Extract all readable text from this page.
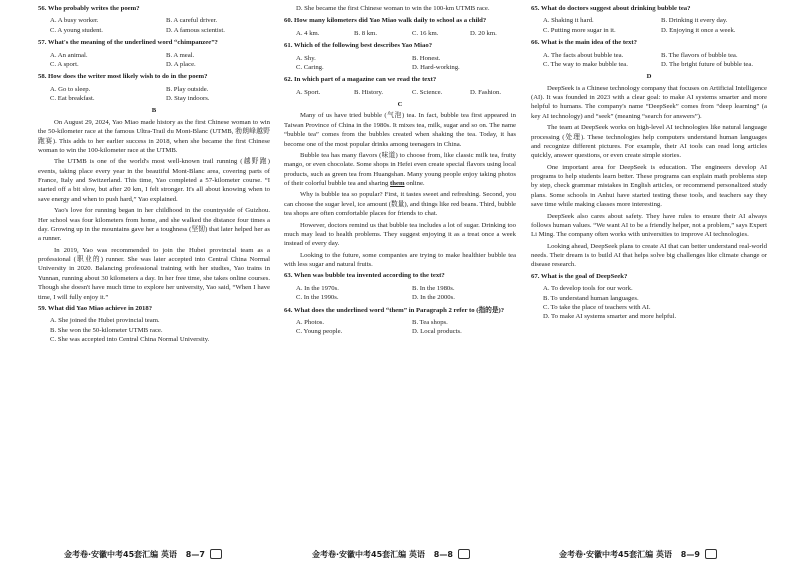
56. Who probably writes the poem?
A. A busy worker.	B. A careful driver.
C. A young student.	D. A famous scientist.
57. What's the meaning of the underlined word “chimpanzee”?
A. An animal.	B. A meal.
C. A sport.	D. A place.
58. How does the writer most likely wish to do in the poem?
A. Go to sleep.	B. Play outside.
C. Eat breakfast.	D. Stay indoors.
B
On August 29, 2024, Yao Miao made history as the first Chinese woman to win the 50-kilometer race at the famous Ultra-Trail du Mont-Blanc (UTMB, 勃朗峰越野跑赛). This adds to her earlier success in 2018, when she became the first Chinese woman to win the 100-kilometer race at the UTMB.
The UTMB is one of the world's most well-known trail running (越野跑) events, taking place every year in the beautiful Mont-Blanc area, covering parts of France, Italy and Switzerland. This time, Yao completed a 57-kilometer course. “I started off a bit slow, but after 20 km, I felt stronger. It's all about knowing when to save energy and when to push hard,” Yao explained.
Yao's love for running began in her childhood in the countryside of Guizhou. Her school was four kilometers from home, and she walked the distance four times a day. Growing up in the mountains gave her a toughness (坚韧) that later helped her as a runner.
In 2019, Yao was recommended to join the Hubei provincial team as a professional (职业的) runner. She was later accepted into Central China Normal University in 2020. Balancing professional training with her studies, Yao trains in Yunnan, running about 30 kilometers a day. In her free time, she takes online courses. Though she doesn't have much time to explore her university, Yao said, “When I have time, I will fully enjoy it.”
59. What did Yao Miao achieve in 2018?
A. She joined the Hubei provincial team.
B. She won the 50-kilometer UTMB race.
C. She was accepted into Central China Normal University.
D. She became the first Chinese woman to win the 100-km UTMB race.
60. How many kilometers did Yao Miao walk daily to school as a child?
A. 4 km.	B. 8 km.	C. 16 km.	D. 20 km.
61. Which of the following best describes Yao Miao?
A. Shy.	B. Honest.
C. Caring.	D. Hard-working.
62. In which part of a magazine can we read the text?
A. Sport.	B. History.	C. Science.	D. Fashion.
C
Many of us have tried bubble (气泡) tea. In fact, bubble tea first appeared in Taiwan Province of China in the 1980s. It mixes tea, milk, sugar and so on. The name “bubble tea” comes from the bubbles created when shaking the tea. Today, it has become one of the most popular drinks among teenagers in China.
Bubble tea has many flavors (味道) to choose from, like classic milk tea, fruity mango, or even chocolate. Some shops in Hefei even create special flavors using local products, such as green tea from Huangshan. Many young people enjoy taking photos of their colorful bubble tea and sharing them online.
Why is bubble tea so popular? First, it tastes sweet and refreshing. Second, you can choose the sugar level, ice amount (数量), and things like red beans. Third, bubble tea shops are often comfortable places for friends to chat.
However, doctors remind us that bubble tea includes a lot of sugar. Drinking too much may lead to health problems. They suggest enjoying it as a treat once a week instead of every day.
Looking to the future, some companies are trying to make healthier bubble tea with less sugar and natural fruits.
63. When was bubble tea invented according to the text?
A. In the 1970s.	B. In the 1980s.
C. In the 1990s.	D. In the 2000s.
64. What does the underlined word “them” in Paragraph 2 refer to (指的是)?
A. Photos.	B. Tea shops.
C. Young people.	D. Local products.
65. What do doctors suggest about drinking bubble tea?
A. Shaking it hard.	B. Drinking it every day.
C. Putting more sugar in it.	D. Enjoying it once a week.
66. What is the main idea of the text?
A. The facts about bubble tea.	B. The flavors of bubble tea.
C. The way to make bubble tea.	D. The bright future of bubble tea.
D
DeepSeek is a Chinese technology company that focuses on Artificial Intelligence (AI). It was founded in 2023 with a clear goal: to make AI systems smarter and more helpful to humans. The company's name “DeepSeek” comes from “deep learning” (a key AI technology) and “seek” (meaning “search for answers”).
The team at DeepSeek works on high-level AI technologies like natural language processing (处理). These technologies help computers understand human languages and recognize different pictures. For example, their AI tools can read long articles quickly, answer questions, or even create simple stories.
One important area for DeepSeek is education. The engineers develop AI programs to help students learn better. These programs can explain math problems step by step, check grammar mistakes in English articles, or recommend personalized study plans. Some schools in Anhui have started testing these tools, and teachers say they save time while making classes more interesting.
DeepSeek also cares about safety. They have rules to ensure their AI always follows human values. “We want AI to be a friendly helper, not a problem,” says Expert Li Ming. The company often works with universities to improve AI technologies.
Looking ahead, DeepSeek plans to create AI that can better understand real-world needs. Their dream is to build AI that helps solve big challenges like climate change or disease research.
67. What is the goal of DeepSeek?
A. To develop tools for our work.
B. To understand human languages.
C. To take the place of teachers with AI.
D. To make AI systems smarter and more helpful.
金考卷·安徽中考45套汇编 英语 8—7	金考卷·安徽中考45套汇编 英语 8—8	金考卷·安徽中考45套汇编 英语 8—9
